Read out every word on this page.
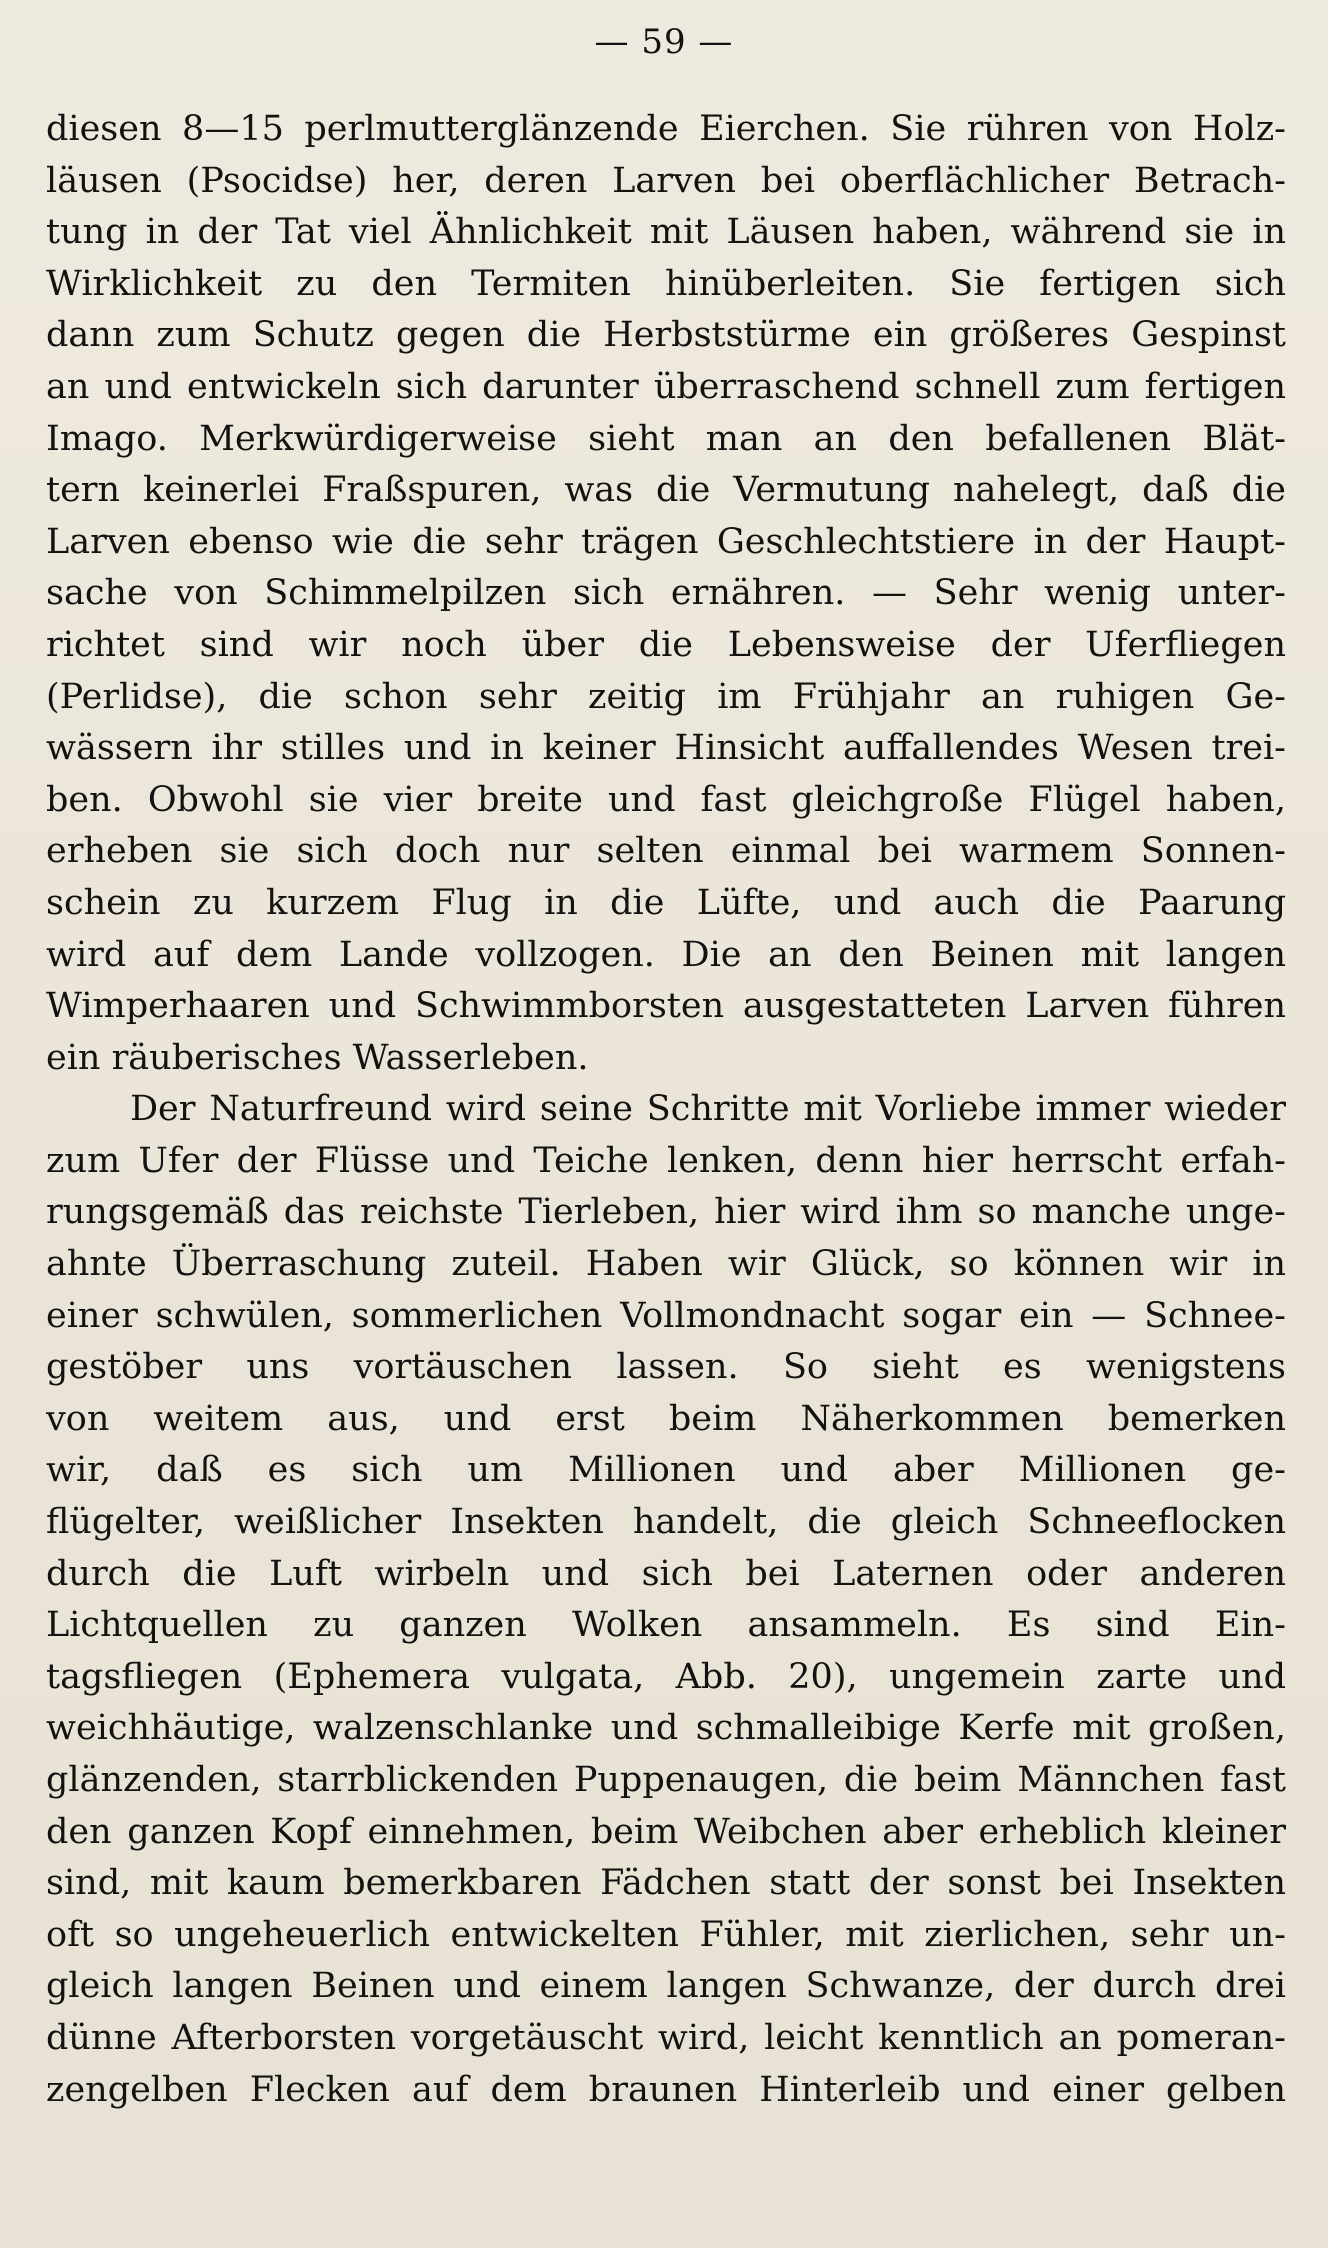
— 59 —
diesen 8—15 perlmutterglänzende Eierchen. Sie rühren von Holz-
läusen (Psocidse) her, deren Larven bei oberflächlicher Betrach-
tung in der Tat viel Ähnlichkeit mit Läusen haben, während sie in
Wirklichkeit zu den Termiten hinüberleiten. Sie fertigen sich
dann zum Schutz gegen die Herbststürme ein größeres Gespinst
an und entwickeln sich darunter überraschend schnell zum fertigen
Imago. Merkwürdigerweise sieht man an den befallenen Blät-
tern keinerlei Fraßspuren, was die Vermutung nahelegt, daß die
Larven ebenso wie die sehr trägen Geschlechtstiere in der Haupt-
sache von Schimmelpilzen sich ernähren. — Sehr wenig unter-
richtet sind wir noch über die Lebensweise der Uferfliegen
(Perlidse), die schon sehr zeitig im Frühjahr an ruhigen Ge-
wässern ihr stilles und in keiner Hinsicht auffallendes Wesen trei-
ben. Obwohl sie vier breite und fast gleichgroße Flügel haben,
erheben sie sich doch nur selten einmal bei warmem Sonnen-
schein zu kurzem Flug in die Lüfte, und auch die Paarung
wird auf dem Lande vollzogen. Die an den Beinen mit langen
Wimperhaaren und Schwimmborsten ausgestatteten Larven führen
ein räuberisches Wasserleben.
Der Naturfreund wird seine Schritte mit Vorliebe immer wieder
zum Ufer der Flüsse und Teiche lenken, denn hier herrscht erfah-
rungsgemäß das reichste Tierleben, hier wird ihm so manche unge-
ahnte Überraschung zuteil. Haben wir Glück, so können wir in
einer schwülen, sommerlichen Vollmondnacht sogar ein — Schnee-
gestöber uns vortäuschen lassen. So sieht es wenigstens
von weitem aus, und erst beim Näherkommen bemerken
wir, daß es sich um Millionen und aber Millionen ge-
flügelter, weißlicher Insekten handelt, die gleich Schneeflocken
durch die Luft wirbeln und sich bei Laternen oder anderen
Lichtquellen zu ganzen Wolken ansammeln. Es sind Ein-
tagsfliegen (Ephemera vulgata, Abb. 20), ungemein zarte und
weichhäutige, walzenschlanke und schmalleibige Kerfe mit großen,
glänzenden, starrblickenden Puppenaugen, die beim Männchen fast
den ganzen Kopf einnehmen, beim Weibchen aber erheblich kleiner
sind, mit kaum bemerkbaren Fädchen statt der sonst bei Insekten
oft so ungeheuerlich entwickelten Fühler, mit zierlichen, sehr un-
gleich langen Beinen und einem langen Schwanze, der durch drei
dünne Afterborsten vorgetäuscht wird, leicht kenntlich an pomeran-
zengelben Flecken auf dem braunen Hinterleib und einer gelben
